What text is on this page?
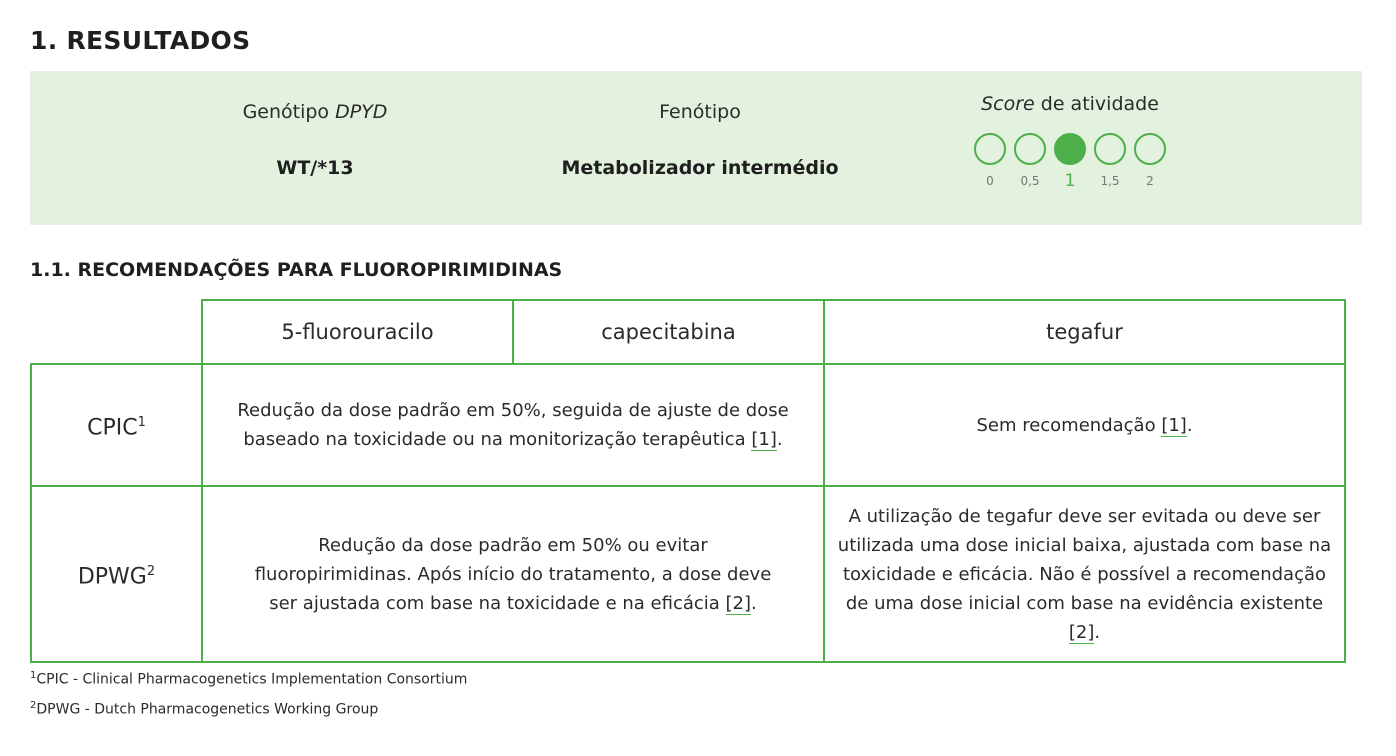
1. RESULTADOS
Genótipo DPYD
WT/*13
Fenótipo
Metabolizador intermédio
Score de atividade
0	0,5	1	1,5	2
1.1. RECOMENDAÇÕES PARA FLUOROPIRIMIDINAS
	5-fluorouracilo	capecitabina	tegafur
CPIC$^1$	Redução da dose padrão em 50%, seguida de ajuste de dose baseado na toxicidade ou na monitorização terapêutica [1].		Sem recomendação [1].
DPWG$^2$	Redução da dose padrão em 50% ou evitar fluoropirimidinas. Após início do tratamento, a dose deve ser ajustada com base na toxicidade e na eficácia [2].		A utilização de tegafur deve ser evitada ou deve ser utilizada uma dose inicial baixa, ajustada com base na toxicidade e eficácia. Não é possível a recomendação de uma dose inicial com base na evidência existente [2].
$^1$CPIC - Clinical Pharmacogenetics Implementation Consortium
$^2$DPWG - Dutch Pharmacogenetics Working Group
